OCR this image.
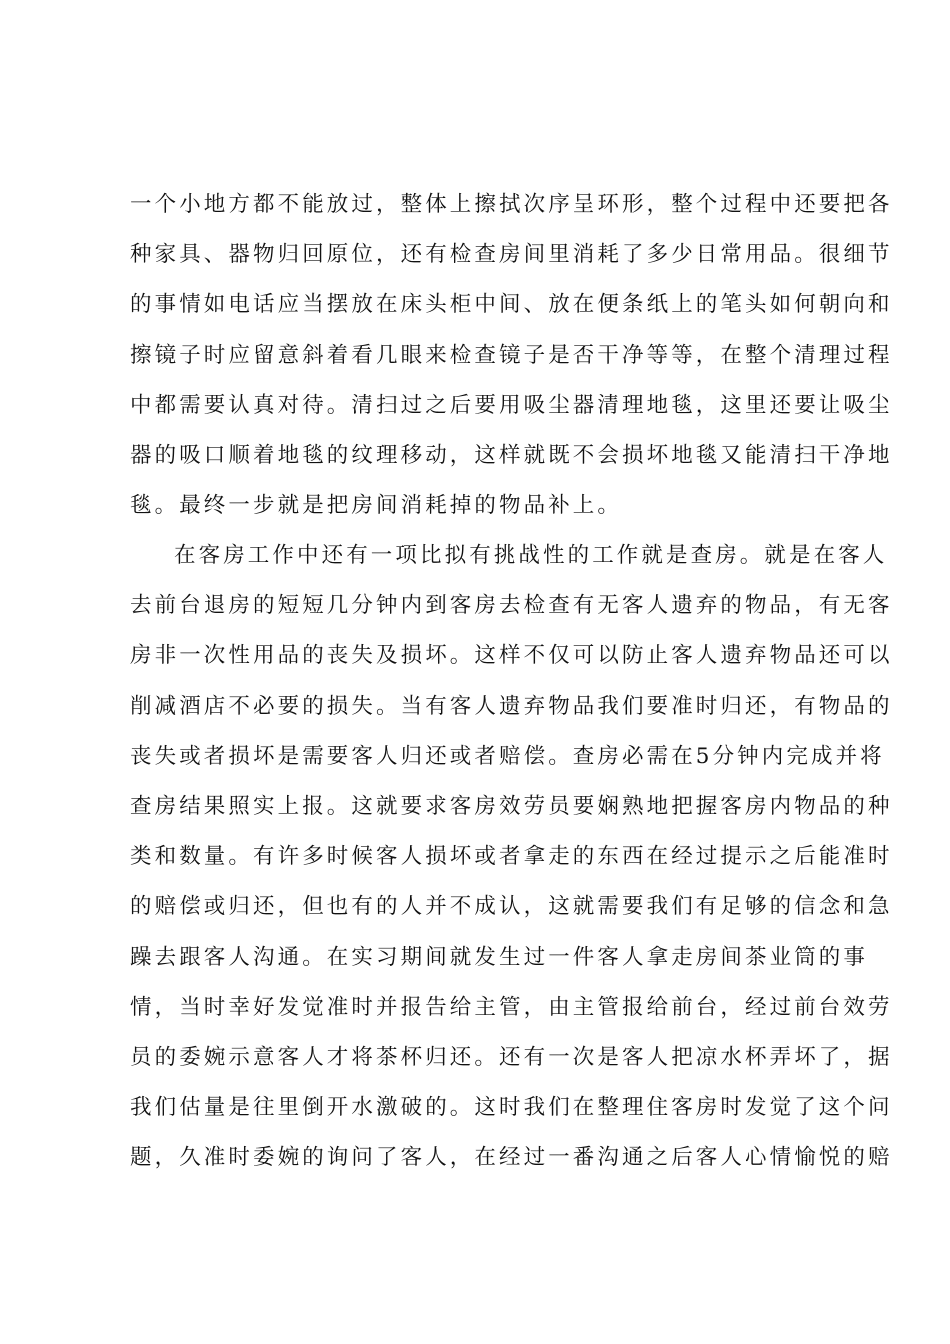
一个小地方都不能放过，整体上擦拭次序呈环形，整个过程中还要把各
种家具、器物归回原位，还有检查房间里消耗了多少日常用品。很细节
的事情如电话应当摆放在床头柜中间、放在便条纸上的笔头如何朝向和
擦镜子时应留意斜着看几眼来检查镜子是否干净等等，在整个清理过程
中都需要认真对待。清扫过之后要用吸尘器清理地毯，这里还要让吸尘
器的吸口顺着地毯的纹理移动，这样就既不会损坏地毯又能清扫干净地
毯。最终一步就是把房间消耗掉的物品补上。
在客房工作中还有一项比拟有挑战性的工作就是查房。就是在客人
去前台退房的短短几分钟内到客房去检查有无客人遗弃的物品，有无客
房非一次性用品的丧失及损坏。这样不仅可以防止客人遗弃物品还可以
削减酒店不必要的损失。当有客人遗弃物品我们要准时归还，有物品的
丧失或者损坏是需要客人归还或者赔偿。查房必需在5分钟内完成并将
查房结果照实上报。这就要求客房效劳员要娴熟地把握客房内物品的种
类和数量。有许多时候客人损坏或者拿走的东西在经过提示之后能准时
的赔偿或归还，但也有的人并不成认，这就需要我们有足够的信念和急
躁去跟客人沟通。在实习期间就发生过一件客人拿走房间茶业筒的事
情，当时幸好发觉准时并报告给主管，由主管报给前台，经过前台效劳
员的委婉示意客人才将茶杯归还。还有一次是客人把凉水杯弄坏了，据
我们估量是往里倒开水激破的。这时我们在整理住客房时发觉了这个问
题，久准时委婉的询问了客人，在经过一番沟通之后客人心情愉悦的赔
